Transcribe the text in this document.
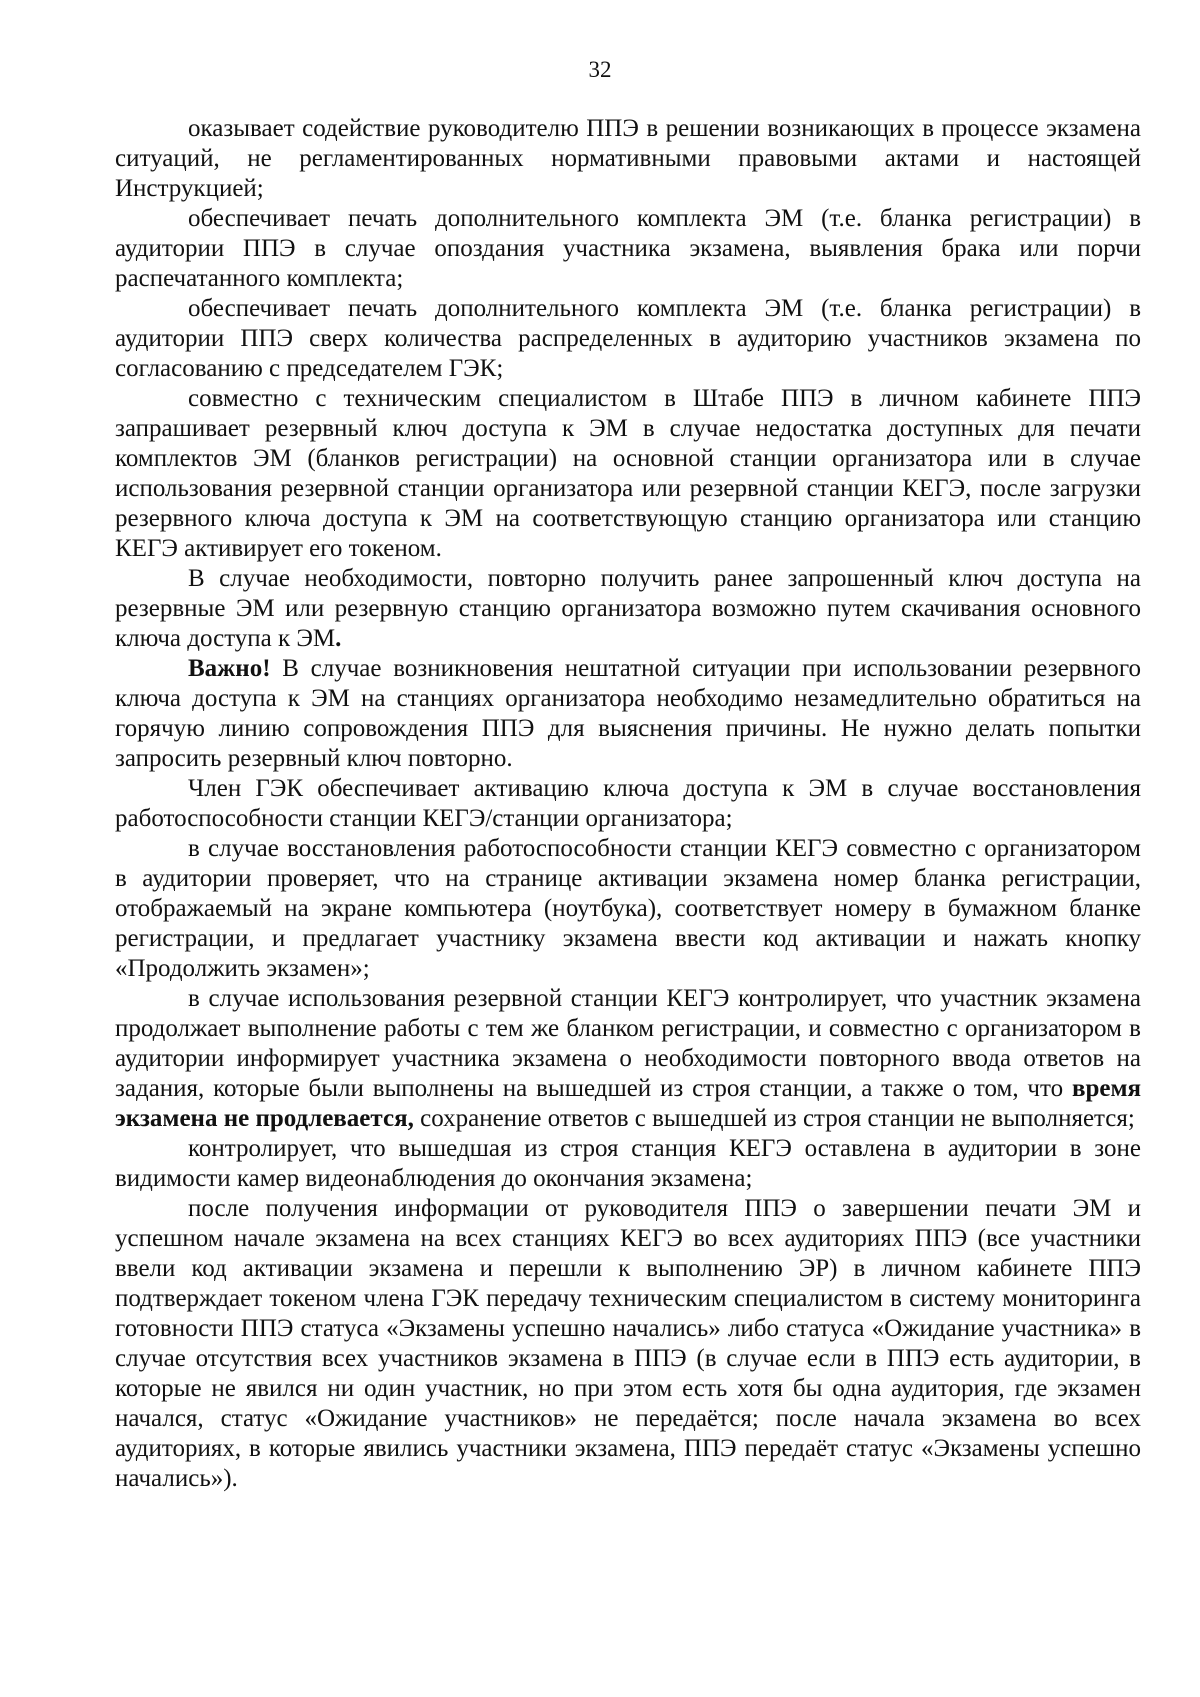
32

оказывает содействие руководителю ППЭ в решении возникающих в процессе экзамена ситуаций, не регламентированных нормативными правовыми актами и настоящей Инструкцией;

обеспечивает печать дополнительного комплекта ЭМ (т.е. бланка регистрации) в аудитории ППЭ в случае опоздания участника экзамена, выявления брака или порчи распечатанного комплекта;

обеспечивает печать дополнительного комплекта ЭМ (т.е. бланка регистрации) в аудитории ППЭ сверх количества распределенных в аудиторию участников экзамена по согласованию с председателем ГЭК;

совместно с техническим специалистом в Штабе ППЭ в личном кабинете ППЭ запрашивает резервный ключ доступа к ЭМ в случае недостатка доступных для печати комплектов ЭМ (бланков регистрации) на основной станции организатора или в случае использования резервной станции организатора или резервной станции КЕГЭ, после загрузки резервного ключа доступа к ЭМ на соответствующую станцию организатора или станцию КЕГЭ активирует его токеном.

В случае необходимости, повторно получить ранее запрошенный ключ доступа на резервные ЭМ или резервную станцию организатора возможно путем скачивания основного ключа доступа к ЭМ.

Важно! В случае возникновения нештатной ситуации при использовании резервного ключа доступа к ЭМ на станциях организатора необходимо незамедлительно обратиться на горячую линию сопровождения ППЭ для выяснения причины. Не нужно делать попытки запросить резервный ключ повторно.

Член ГЭК обеспечивает активацию ключа доступа к ЭМ в случае восстановления работоспособности станции КЕГЭ/станции организатора;

в случае восстановления работоспособности станции КЕГЭ совместно с организатором в аудитории проверяет, что на странице активации экзамена номер бланка регистрации, отображаемый на экране компьютера (ноутбука), соответствует номеру в бумажном бланке регистрации, и предлагает участнику экзамена ввести код активации и нажать кнопку «Продолжить экзамен»;

в случае использования резервной станции КЕГЭ контролирует, что участник экзамена продолжает выполнение работы с тем же бланком регистрации, и совместно с организатором в аудитории информирует участника экзамена о необходимости повторного ввода ответов на задания, которые были выполнены на вышедшей из строя станции, а также о том, что время экзамена не продлевается, сохранение ответов с вышедшей из строя станции не выполняется;

контролирует, что вышедшая из строя станция КЕГЭ оставлена в аудитории в зоне видимости камер видеонаблюдения до окончания экзамена;

после получения информации от руководителя ППЭ о завершении печати ЭМ и успешном начале экзамена на всех станциях КЕГЭ во всех аудиториях ППЭ (все участники ввели код активации экзамена и перешли к выполнению ЭР) в личном кабинете ППЭ подтверждает токеном члена ГЭК передачу техническим специалистом в систему мониторинга готовности ППЭ статуса «Экзамены успешно начались» либо статуса «Ожидание участника» в случае отсутствия всех участников экзамена в ППЭ (в случае если в ППЭ есть аудитории, в которые не явился ни один участник, но при этом есть хотя бы одна аудитория, где экзамен начался, статус «Ожидание участников» не передаётся; после начала экзамена во всех аудиториях, в которые явились участники экзамена, ППЭ передаёт статус «Экзамены успешно начались»).
